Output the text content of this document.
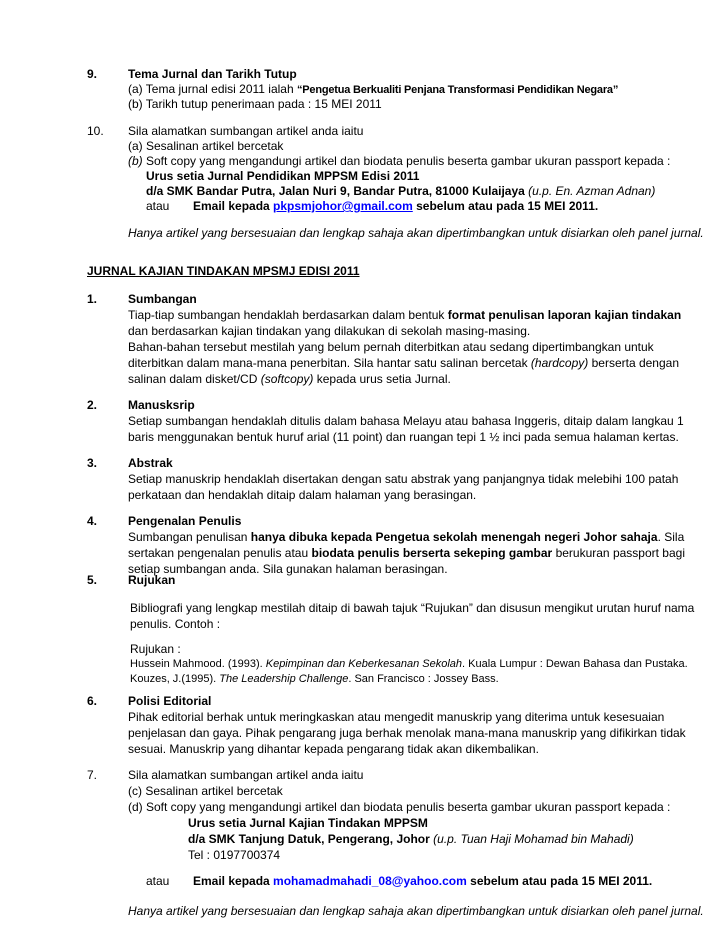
9.	Tema Jurnal dan Tarikh Tutup
(a) Tema jurnal edisi 2011 ialah “Pengetua Berkualiti Penjana Transformasi Pendidikan Negara”
(b) Tarikh tutup penerimaan pada : 15 MEI 2011
10. Sila alamatkan sumbangan artikel anda iaitu
(a) Sesalinan artikel bercetak
(b) Soft copy yang mengandungi artikel dan biodata penulis beserta gambar ukuran passport kepada :
Urus setia Jurnal Pendidikan MPPSM Edisi 2011
d/a SMK Bandar Putra, Jalan Nuri 9, Bandar Putra, 81000 Kulaijaya (u.p. En. Azman Adnan)
atau Email kepada pkpsmjohor@gmail.com sebelum atau pada 15 MEI 2011.
Hanya artikel yang bersesuaian dan lengkap sahaja akan dipertimbangkan untuk disiarkan oleh panel jurnal.
JURNAL KAJIAN TINDAKAN MPSMJ EDISI 2011
1.	Sumbangan
Tiap-tiap sumbangan hendaklah berdasarkan dalam bentuk format penulisan laporan kajian tindakan
dan berdasarkan kajian tindakan yang dilakukan di sekolah masing-masing.
Bahan-bahan tersebut mestilah yang belum pernah diterbitkan atau sedang dipertimbangkan untuk
diterbitkan dalam mana-mana penerbitan. Sila hantar satu salinan bercetak (hardcopy) berserta dengan
salinan dalam disket/CD (softcopy) kepada urus setia Jurnal.
2.	Manusksrip
Setiap sumbangan hendaklah ditulis dalam bahasa Melayu atau bahasa Inggeris, ditaip dalam langkau 1
baris menggunakan bentuk huruf arial (11 point) dan ruangan tepi 1 ½ inci pada semua halaman kertas.
3.	Abstrak
Setiap manuskrip hendaklah disertakan dengan satu abstrak yang panjangnya tidak melebihi 100 patah
perkataan dan hendaklah ditaip dalam halaman yang berasingan.
4.	Pengenalan Penulis
Sumbangan penulisan hanya dibuka kepada Pengetua sekolah menengah negeri Johor sahaja. Sila
sertakan pengenalan penulis atau biodata penulis berserta sekeping gambar berukuran passport bagi
setiap sumbangan anda. Sila gunakan halaman berasingan.
5.	Rujukan
Bibliografi yang lengkap mestilah ditaip di bawah tajuk “Rujukan” dan disusun mengikut urutan huruf nama
penulis. Contoh :
Rujukan :
Hussein Mahmood. (1993). Kepimpinan dan Keberkesanan Sekolah. Kuala Lumpur : Dewan Bahasa dan Pustaka.
Kouzes, J.(1995). The Leadership Challenge. San Francisco : Jossey Bass.
6.	Polisi Editorial
Pihak editorial berhak untuk meringkaskan atau mengedit manuskrip yang diterima untuk kesesuaian
penjelasan dan gaya. Pihak pengarang juga berhak menolak mana-mana manuskrip yang difikirkan tidak
sesuai. Manuskrip yang dihantar kepada pengarang tidak akan dikembalikan.
7.	Sila alamatkan sumbangan artikel anda iaitu
(c) Sesalinan artikel bercetak
(d) Soft copy yang mengandungi artikel dan biodata penulis beserta gambar ukuran passport kepada :
Urus setia Jurnal Kajian Tindakan MPPSM
d/a SMK Tanjung Datuk, Pengerang, Johor (u.p. Tuan Haji Mohamad bin Mahadi)
Tel : 0197700374
atau Email kepada mohamadmahadi_08@yahoo.com sebelum atau pada 15 MEI 2011.
Hanya artikel yang bersesuaian dan lengkap sahaja akan dipertimbangkan untuk disiarkan oleh panel jurnal.
